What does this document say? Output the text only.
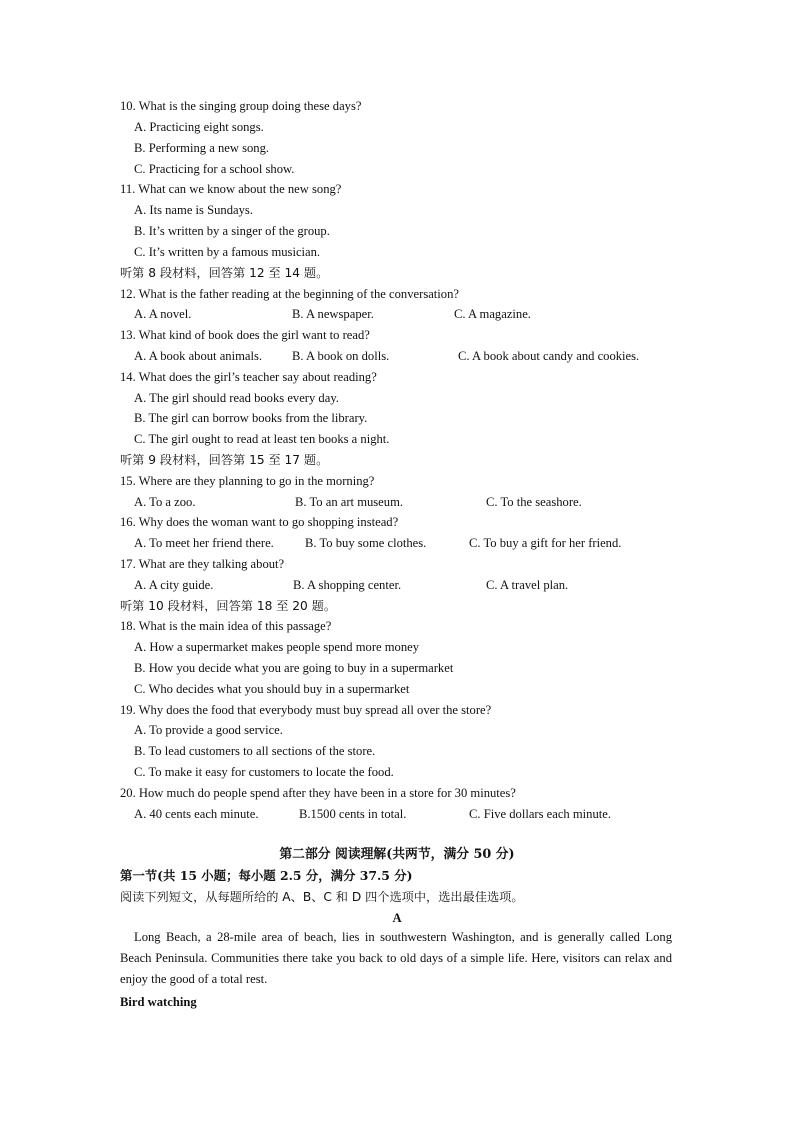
10. What is the singing group doing these days?
A. Practicing eight songs.
B. Performing a new song.
C. Practicing for a school show.
11. What can we know about the new song?
A. Its name is Sundays.
B. It’s written by a singer of the group.
C. It’s written by a famous musician.
听第 8 段材料，回答第 12 至 14 题。
12. What is the father reading at the beginning of the conversation?
A. A novel.	B. A newspaper.	C. A magazine.
13. What kind of book does the girl want to read?
A. A book about animals. B. A book on dolls.	C. A book about candy and cookies.
14. What does the girl’s teacher say about reading?
A. The girl should read books every day.
B. The girl can borrow books from the library.
C. The girl ought to read at least ten books a night.
听第 9 段材料，回答第 15 至 17 题。
15. Where are they planning to go in the morning?
A. To a zoo.	B. To an art museum.	C. To the seashore.
16. Why does the woman want to go shopping instead?
A. To meet her friend there. B. To buy some clothes.	C. To buy a gift for her friend.
17. What are they talking about?
A. A city guide.	B. A shopping center.	C. A travel plan.
听第 10 段材料，回答第 18 至 20 题。
18. What is the main idea of this passage?
A. How a supermarket makes people spend more money
B. How you decide what you are going to buy in a supermarket
C. Who decides what you should buy in a supermarket
19. Why does the food that everybody must buy spread all over the store?
A. To provide a good service.
B. To lead customers to all sections of the store.
C. To make it easy for customers to locate the food.
20. How much do people spend after they have been in a store for 30 minutes?
A. 40 cents each minute.	B.1500 cents in total.	C. Five dollars each minute.
第二部分 阅读理解(共两节，满分 50 分)
第一节(共 15 小题；每小题 2.5 分，满分 37.5 分)
阅读下列短文，从每题所给的 A、B、C 和 D 四个选项中，选出最佳选项。
A
Long Beach, a 28-mile area of beach, lies in southwestern Washington, and is generally called Long Beach Peninsula. Communities there take you back to old days of a simple life. Here, visitors can relax and enjoy the good of a total rest.
Bird watching
